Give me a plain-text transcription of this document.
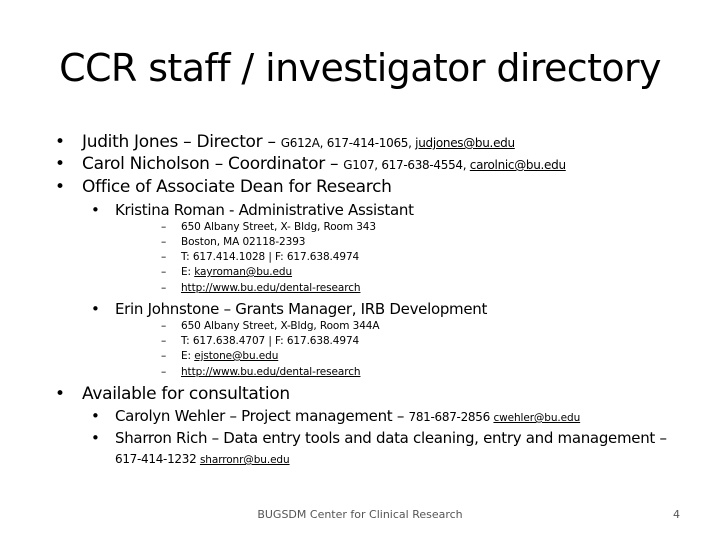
CCR staff / investigator directory
• Judith Jones – Director – G612A, 617-414-1065, judjones@bu.edu
• Carol Nicholson – Coordinator – G107, 617-638-4554, carolnic@bu.edu
• Office of Associate Dean for Research
• Kristina Roman - Administrative Assistant
– 650 Albany Street, X- Bldg, Room 343
– Boston, MA 02118-2393
– T: 617.414.1028 | F: 617.638.4974
– E: kayroman@bu.edu
– http://www.bu.edu/dental-research
• Erin Johnstone – Grants Manager, IRB Development
– 650 Albany Street, X-Bldg, Room 344A
– T: 617.638.4707 | F: 617.638.4974
– E: ejstone@bu.edu
– http://www.bu.edu/dental-research
• Available for consultation
• Carolyn Wehler – Project management – 781-687-2856 cwehler@bu.edu
• Sharron Rich – Data entry tools and data cleaning, entry and management –
617-414-1232 sharronr@bu.edu
BUGSDM Center for Clinical Research	4
